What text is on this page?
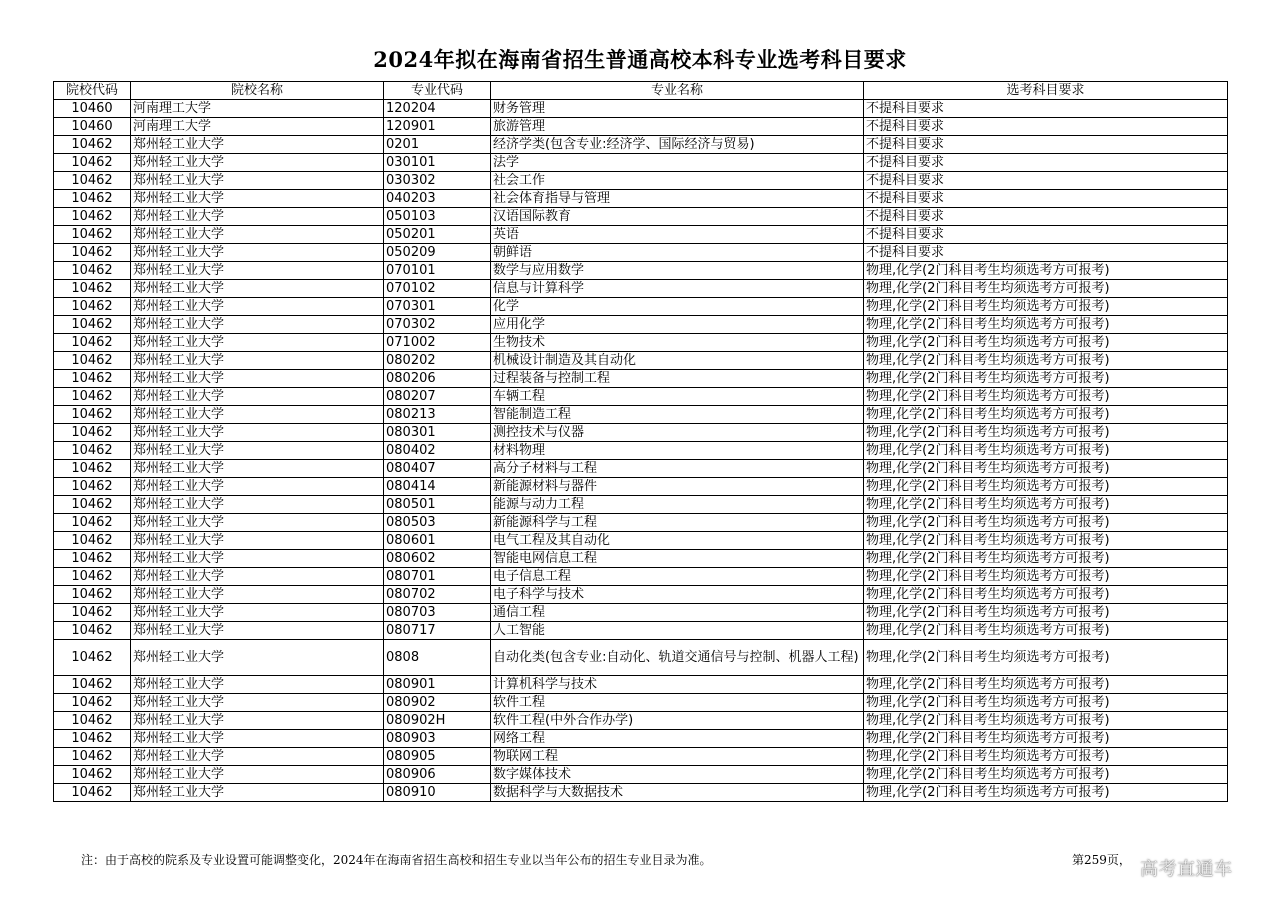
2024年拟在海南省招生普通高校本科专业选考科目要求
院校代码	院校名称	专业代码	专业名称	选考科目要求
10460	河南理工大学	120204	财务管理	不提科目要求
10460	河南理工大学	120901	旅游管理	不提科目要求
10462	郑州轻工业大学	0201	经济学类(包含专业:经济学、国际经济与贸易)	不提科目要求
10462	郑州轻工业大学	030101	法学	不提科目要求
10462	郑州轻工业大学	030302	社会工作	不提科目要求
10462	郑州轻工业大学	040203	社会体育指导与管理	不提科目要求
10462	郑州轻工业大学	050103	汉语国际教育	不提科目要求
10462	郑州轻工业大学	050201	英语	不提科目要求
10462	郑州轻工业大学	050209	朝鲜语	不提科目要求
10462	郑州轻工业大学	070101	数学与应用数学	物理,化学(2门科目考生均须选考方可报考)
10462	郑州轻工业大学	070102	信息与计算科学	物理,化学(2门科目考生均须选考方可报考)
10462	郑州轻工业大学	070301	化学	物理,化学(2门科目考生均须选考方可报考)
10462	郑州轻工业大学	070302	应用化学	物理,化学(2门科目考生均须选考方可报考)
10462	郑州轻工业大学	071002	生物技术	物理,化学(2门科目考生均须选考方可报考)
10462	郑州轻工业大学	080202	机械设计制造及其自动化	物理,化学(2门科目考生均须选考方可报考)
10462	郑州轻工业大学	080206	过程装备与控制工程	物理,化学(2门科目考生均须选考方可报考)
10462	郑州轻工业大学	080207	车辆工程	物理,化学(2门科目考生均须选考方可报考)
10462	郑州轻工业大学	080213	智能制造工程	物理,化学(2门科目考生均须选考方可报考)
10462	郑州轻工业大学	080301	测控技术与仪器	物理,化学(2门科目考生均须选考方可报考)
10462	郑州轻工业大学	080402	材料物理	物理,化学(2门科目考生均须选考方可报考)
10462	郑州轻工业大学	080407	高分子材料与工程	物理,化学(2门科目考生均须选考方可报考)
10462	郑州轻工业大学	080414	新能源材料与器件	物理,化学(2门科目考生均须选考方可报考)
10462	郑州轻工业大学	080501	能源与动力工程	物理,化学(2门科目考生均须选考方可报考)
10462	郑州轻工业大学	080503	新能源科学与工程	物理,化学(2门科目考生均须选考方可报考)
10462	郑州轻工业大学	080601	电气工程及其自动化	物理,化学(2门科目考生均须选考方可报考)
10462	郑州轻工业大学	080602	智能电网信息工程	物理,化学(2门科目考生均须选考方可报考)
10462	郑州轻工业大学	080701	电子信息工程	物理,化学(2门科目考生均须选考方可报考)
10462	郑州轻工业大学	080702	电子科学与技术	物理,化学(2门科目考生均须选考方可报考)
10462	郑州轻工业大学	080703	通信工程	物理,化学(2门科目考生均须选考方可报考)
10462	郑州轻工业大学	080717	人工智能	物理,化学(2门科目考生均须选考方可报考)
10462	郑州轻工业大学	0808	自动化类(包含专业:自动化、轨道交通信号与控制、机器人工程)	物理,化学(2门科目考生均须选考方可报考)
10462	郑州轻工业大学	080901	计算机科学与技术	物理,化学(2门科目考生均须选考方可报考)
10462	郑州轻工业大学	080902	软件工程	物理,化学(2门科目考生均须选考方可报考)
10462	郑州轻工业大学	080902H	软件工程(中外合作办学)	物理,化学(2门科目考生均须选考方可报考)
10462	郑州轻工业大学	080903	网络工程	物理,化学(2门科目考生均须选考方可报考)
10462	郑州轻工业大学	080905	物联网工程	物理,化学(2门科目考生均须选考方可报考)
10462	郑州轻工业大学	080906	数字媒体技术	物理,化学(2门科目考生均须选考方可报考)
10462	郑州轻工业大学	080910	数据科学与大数据技术	物理,化学(2门科目考生均须选考方可报考)
注：由于高校的院系及专业设置可能调整变化，2024年在海南省招生高校和招生专业以当年公布的招生专业目录为准。	第259页， 高考直通车
